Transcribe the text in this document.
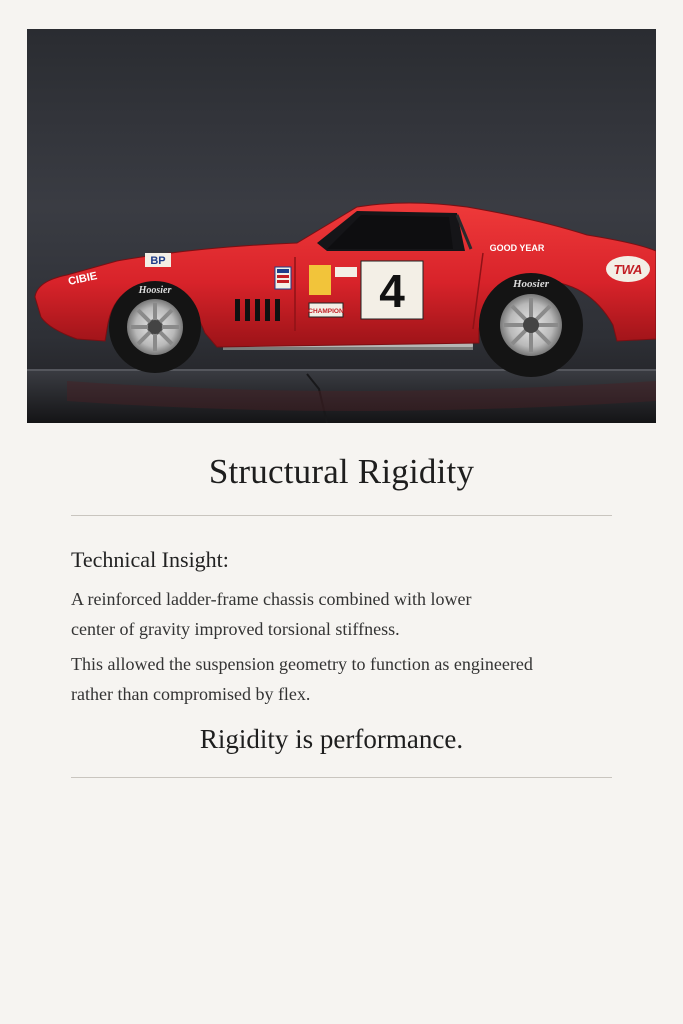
4
BP
CIBIE
CHAMPION
GOOD YEAR
TWA
Hoosier
Hoosier
Structural Rigidity
Technical Insight:

A reinforced ladder-frame chassis combined with lower
center of gravity improved torsional stiffness.

This allowed the suspension geometry to function as engineered
rather than compromised by flex.

Rigidity is performance.
